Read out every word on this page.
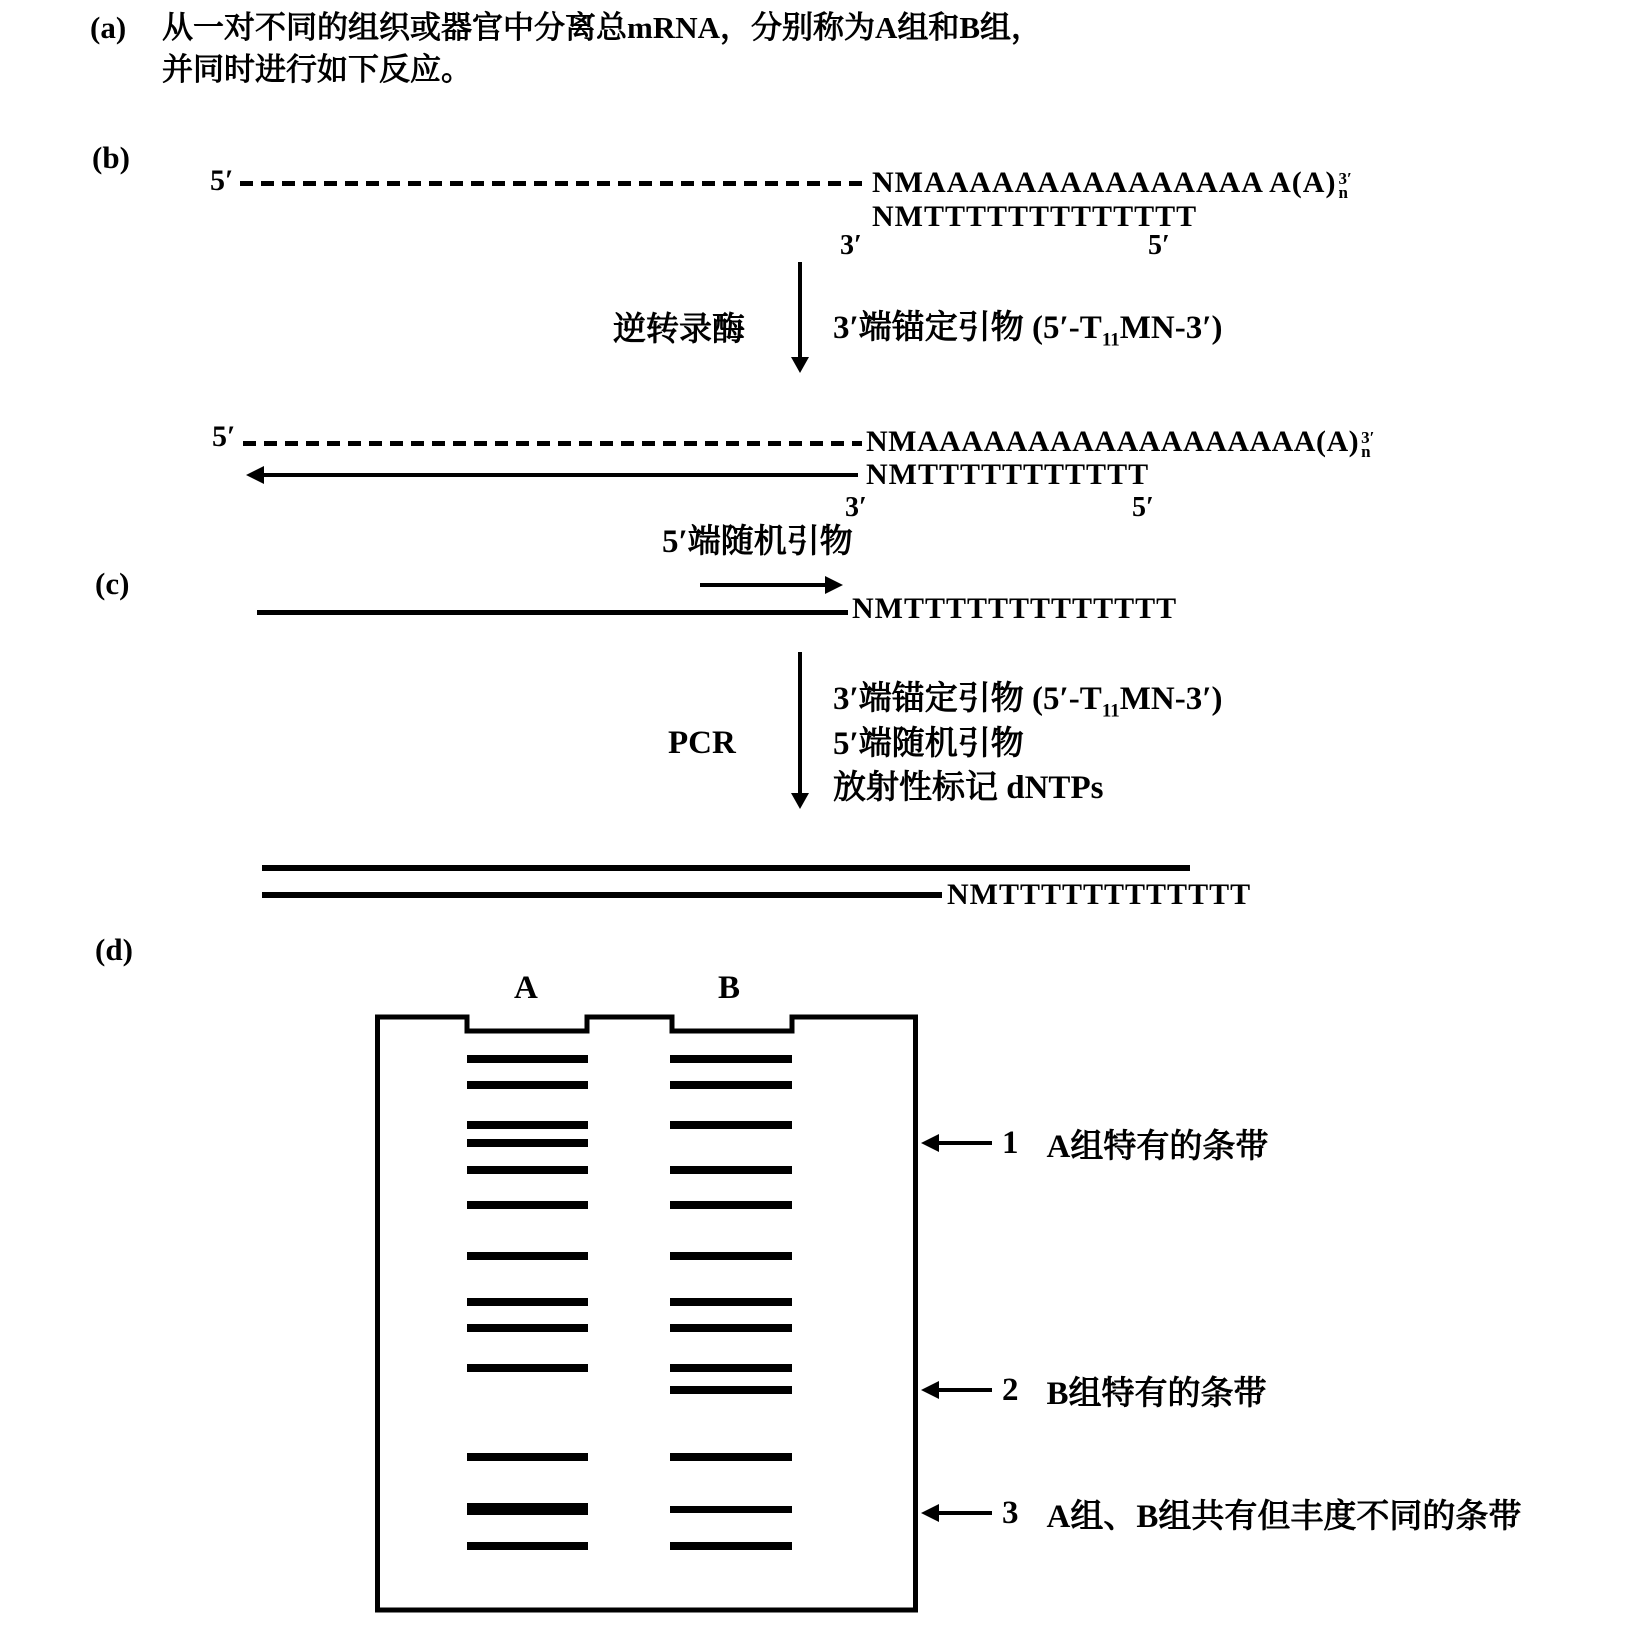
(a) 从一对不同的组织或器官中分离总mRNA，分别称为A组和B组，
并同时进行如下反应。
(b)
5′	NMAAAAAAAAAAAAAAA A(A) 3′
n
NMTTTTTTTTTTTTT
3′	5′
逆转录酶	3′端锚定引物 $(5'-T_{11}MN-3')$
5′	NMAAAAAAAAAAAAAAAAAA(A) 3′
n
NMTTTTTTTTTTT
3′	5′
5′端随机引物
(c)
NMTTTTTTTTTTTTT
PCR
3′端锚定引物 $(5'-T_{11}MN-3')$
5′端随机引物
放射性标记 dNTPs
NMTTTTTTTTTTTT
(d)
A	B
1 A组特有的条带
2 B组特有的条带
3 A组、B组共有但丰度不同的条带
